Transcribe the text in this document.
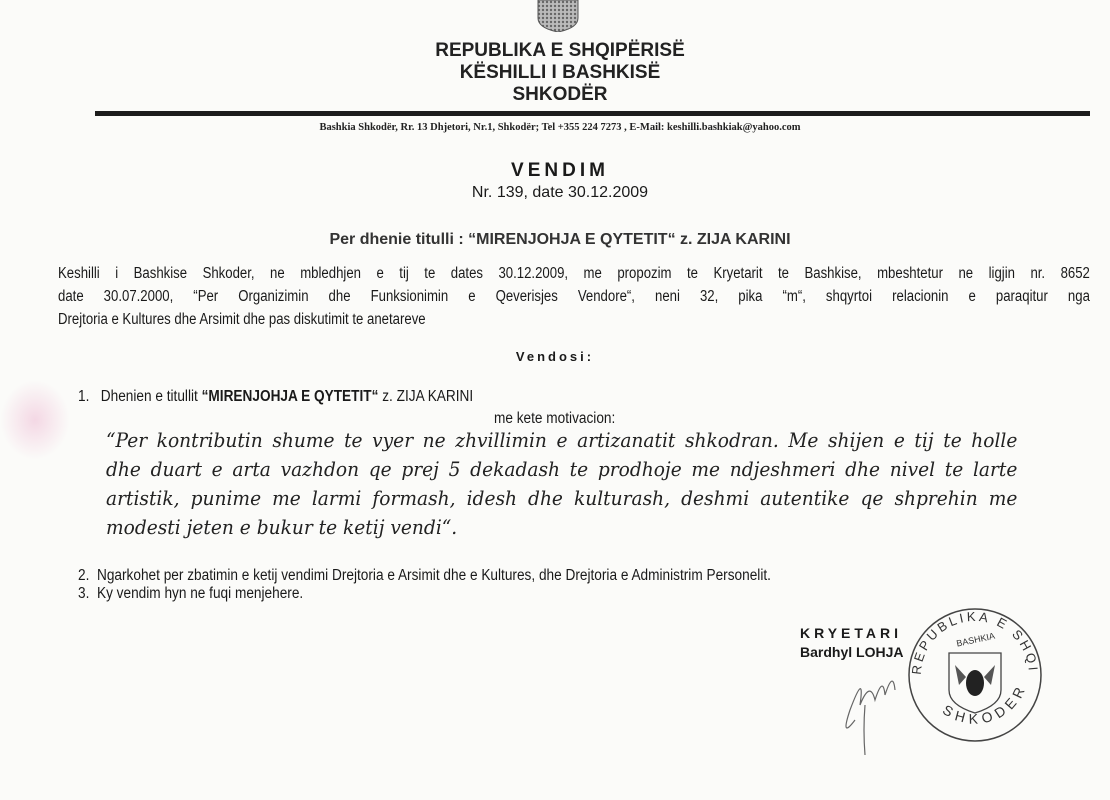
REPUBLIKA E SHQIPËRISË
KËSHILLI I BASHKISË
SHKODËR
Bashkia Shkodër, Rr. 13 Dhjetori, Nr.1, Shkodër; Tel +355 224 7273 , E-Mail: keshilli.bashkiak@yahoo.com
VENDIM
Nr. 139, date 30.12.2009
Per dhenie titulli : “MIRENJOHJA E QYTETIT“ z. ZIJA KARINI
Keshilli i Bashkise Shkoder, ne mbledhjen e tij te dates 30.12.2009, me propozim te Kryetarit te Bashkise, mbeshtetur ne ligjin nr. 8652
date 30.07.2000, “Per Organizimin dhe Funksionimin e Qeverisjes Vendore“, neni 32, pika “m“, shqyrtoi relacionin e paraqitur nga
Drejtoria e Kultures dhe Arsimit dhe pas diskutimit te anetareve
Vendosi:
1. Dhenien e titullit “MIRENJOHJA E QYTETIT“ z. ZIJA KARINI
me kete motivacion:
“Per kontributin shume te vyer ne zhvillimin e artizanatit shkodran. Me shijen e tij te holle
dhe duart e arta vazhdon qe prej 5 dekadash te prodhoje me ndjeshmeri dhe nivel te larte
artistik, punime me larmi formash, idesh dhe kulturash, deshmi autentike qe shprehin me
modesti jeten e bukur te ketij vendi“.
2. Ngarkohet per zbatimin e ketij vendimi Drejtoria e Arsimit dhe e Kultures, dhe Drejtoria e Administrim Personelit.
3. Ky vendim hyn ne fuqi menjehere.
KRYETARI
Bardhyl LOHJA
REPUBLIKA E SHQI
SHKODER
BASHKIA
